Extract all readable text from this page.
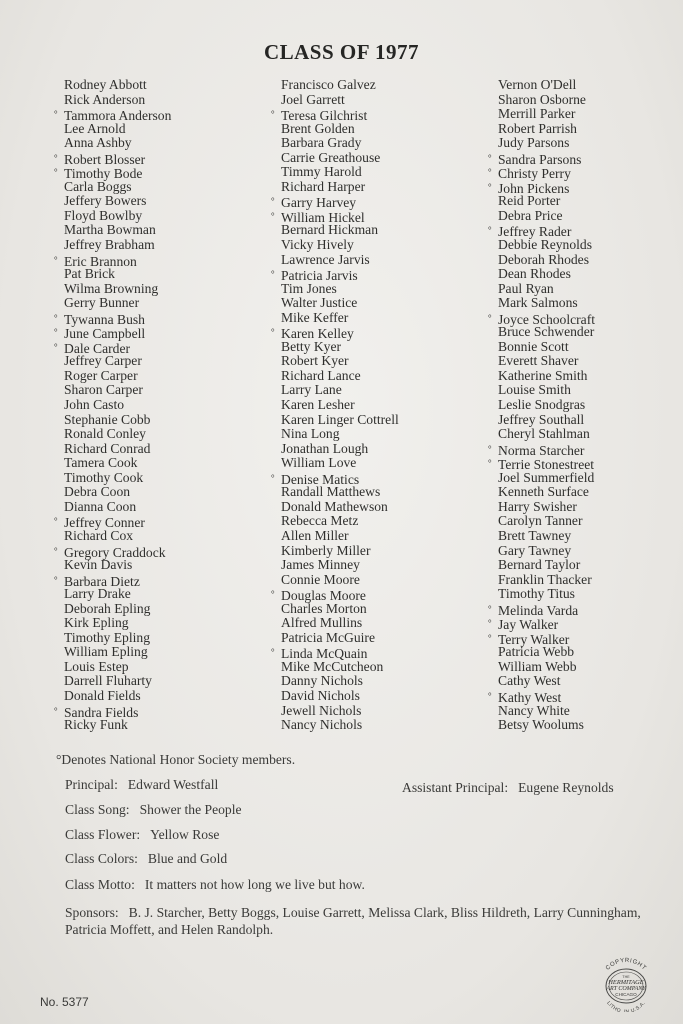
CLASS OF 1977
Rodney Abbott
Rick Anderson
° Tammora Anderson
Lee Arnold
Anna Ashby
° Robert Blosser
° Timothy Bode
Carla Boggs
Jeffery Bowers
Floyd Bowlby
Martha Bowman
Jeffrey Brabham
° Eric Brannon
Pat Brick
Wilma Browning
Gerry Bunner
° Tywanna Bush
° June Campbell
° Dale Carder
Jeffrey Carper
Roger Carper
Sharon Carper
John Casto
Stephanie Cobb
Ronald Conley
Richard Conrad
Tamera Cook
Timothy Cook
Debra Coon
Dianna Coon
° Jeffrey Conner
Richard Cox
° Gregory Craddock
Kevin Davis
° Barbara Dietz
Larry Drake
Deborah Epling
Kirk Epling
Timothy Epling
William Epling
Louis Estep
Darrell Fluharty
Donald Fields
° Sandra Fields
Ricky Funk
Francisco Galvez
Joel Garrett
° Teresa Gilchrist
Brent Golden
Barbara Grady
Carrie Greathouse
Timmy Harold
Richard Harper
° Garry Harvey
° William Hickel
Bernard Hickman
Vicky Hively
Lawrence Jarvis
° Patricia Jarvis
Tim Jones
Walter Justice
Mike Keffer
° Karen Kelley
Betty Kyer
Robert Kyer
Richard Lance
Larry Lane
Karen Lesher
Karen Linger Cottrell
Nina Long
Jonathan Lough
William Love
° Denise Matics
Randall Matthews
Donald Mathewson
Rebecca Metz
Allen Miller
Kimberly Miller
James Minney
Connie Moore
° Douglas Moore
Charles Morton
Alfred Mullins
Patricia McGuire
° Linda McQuain
Mike McCutcheon
Danny Nichols
David Nichols
Jewell Nichols
Nancy Nichols
Vernon O'Dell
Sharon Osborne
Merrill Parker
Robert Parrish
Judy Parsons
° Sandra Parsons
° Christy Perry
° John Pickens
Reid Porter
Debra Price
° Jeffrey Rader
Debbie Reynolds
Deborah Rhodes
Dean Rhodes
Paul Ryan
Mark Salmons
° Joyce Schoolcraft
Bruce Schwender
Bonnie Scott
Everett Shaver
Katherine Smith
Louise Smith
Leslie Snodgras
Jeffrey Southall
Cheryl Stahlman
° Norma Starcher
° Terrie Stonestreet
Joel Summerfield
Kenneth Surface
Harry Swisher
Carolyn Tanner
Brett Tawney
Gary Tawney
Bernard Taylor
Franklin Thacker
Timothy Titus
° Melinda Varda
° Jay Walker
° Terry Walker
Patricia Webb
William Webb
Cathy West
° Kathy West
Nancy White
Betsy Woolums
°Denotes National Honor Society members.
Principal: Edward Westfall	Assistant Principal: Eugene Reynolds
Class Song: Shower the People
Class Flower: Yellow Rose
Class Colors: Blue and Gold
Class Motto: It matters not how long we live but how.
Sponsors: B. J. Starcher, Betty Boggs, Louise Garrett, Melissa Clark, Bliss Hildreth, Larry Cunningham, Patricia Moffett, and Helen Randolph.
No. 5377
COPYRIGHT
THE
HERMITAGE
ART COMPANY
CHICAGO
LITHO. IN U.S.A.
